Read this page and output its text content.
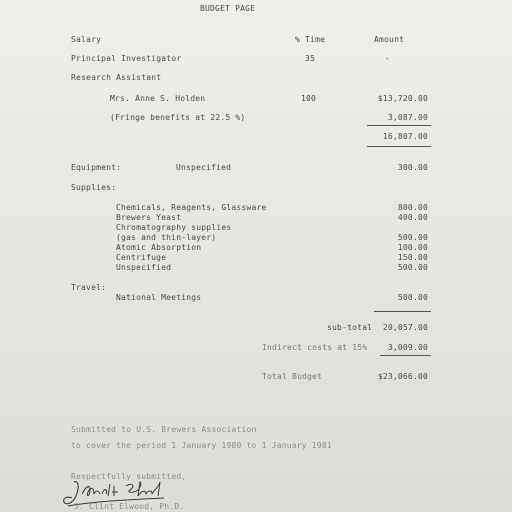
BUDGET PAGE
Salary	% Time	Amount
Principal Investigator	35	-
Research Assistant
Mrs. Anne S. Holden	100	$13,720.00
(Fringe benefits at 22.5 %)	3,087.00
16,807.00
Equipment:	Unspecified	300.00
Supplies:
Chemicals, Reagents, Glassware	800.00
Brewers Yeast	400.00
Chromatography supplies
(gas and thin-layer)	500.00
Atomic Absorption	100.00
Centrifuge	150.00
Unspecified	500.00
Travel:
National Meetings	500.00
sub-total	20,057.00
Indirect costs at 15%	3,009.00
Total Budget	$23,066.00
Submitted to U.S. Brewers Association
to cover the period 1 January 1980 to 1 January 1981
Respectfully submitted,
J. Clint Elwood, Ph.D.
